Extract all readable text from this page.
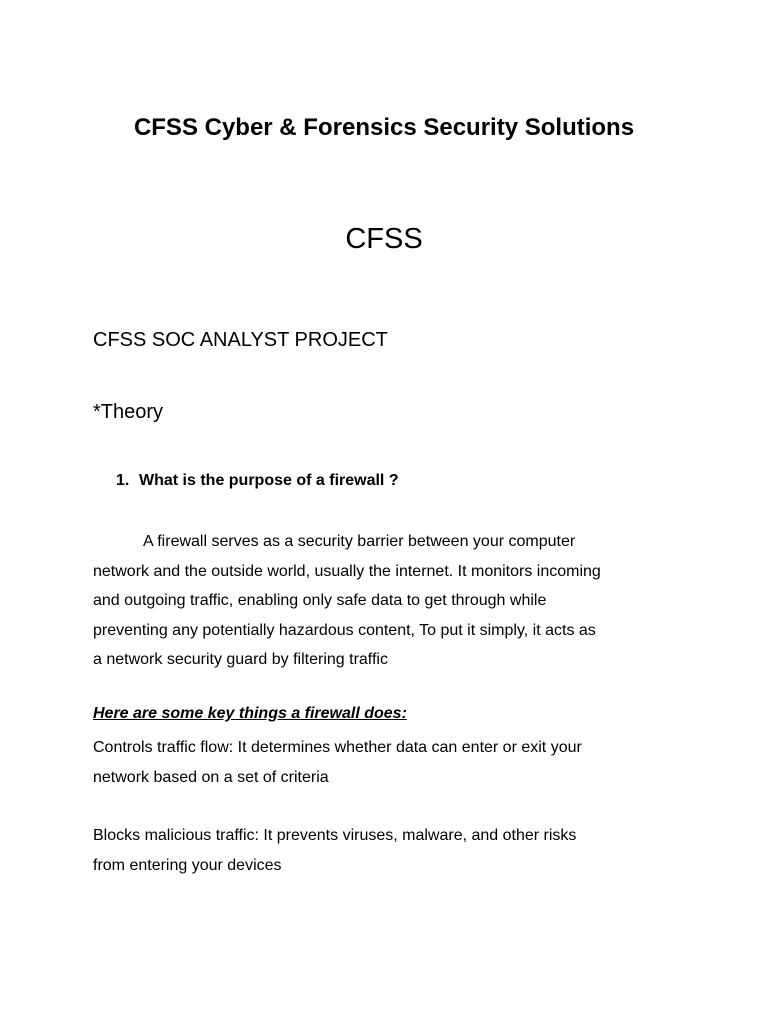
CFSS Cyber & Forensics Security Solutions
CFSS
CFSS SOC ANALYST PROJECT
*Theory
1. What is the purpose of a firewall ?

A firewall serves as a security barrier between your computer
network and the outside world, usually the internet. It monitors incoming
and outgoing traffic, enabling only safe data to get through while
preventing any potentially hazardous content, To put it simply, it acts as
a network security guard by filtering traffic

Here are some key things a firewall does:

Controls traffic flow: It determines whether data can enter or exit your
network based on a set of criteria

Blocks malicious traffic: It prevents viruses, malware, and other risks
from entering your devices
